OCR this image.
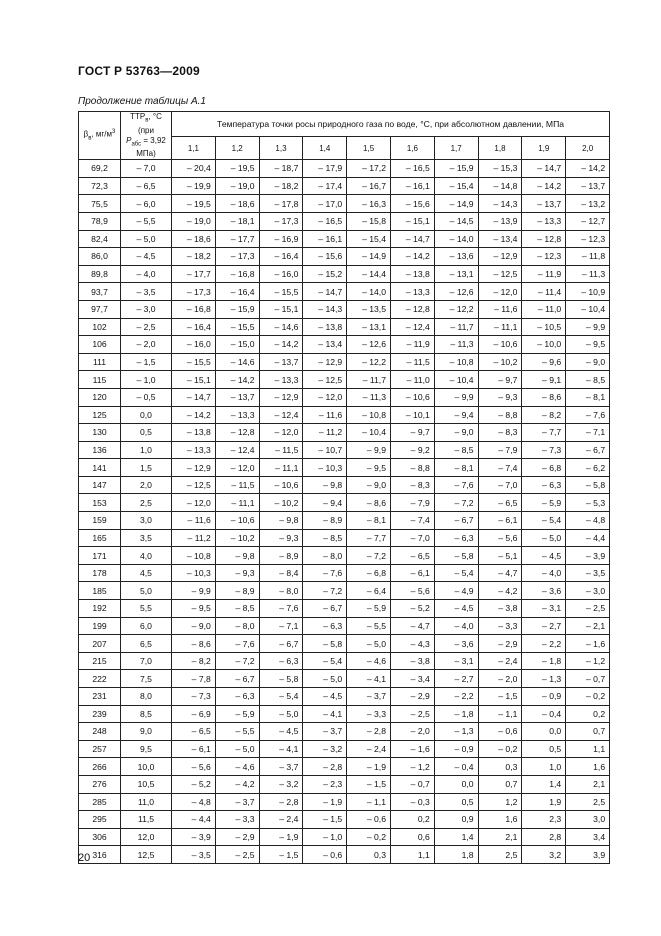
ГОСТ Р 53763—2009
Продолжение таблицы А.1
$\beta_в$, $мг/м^3$	$ТТР_в$, °С
(при
$P_{абс} = 3,92$ МПа)	Температура точки росы природного газа по воде, °С, при абсолютном давлении, МПа									
		1,1	1,2	1,3	1,4	1,5	1,6	1,7	1,8	1,9	2,0
69,2	– 7,0	– 20,4	– 19,5	– 18,7	– 17,9	– 17,2	– 16,5	– 15,9	– 15,3	– 14,7	– 14,2
72,3	– 6,5	– 19,9	– 19,0	– 18,2	– 17,4	– 16,7	– 16,1	– 15,4	– 14,8	– 14,2	– 13,7
75,5	– 6,0	– 19,5	– 18,6	– 17,8	– 17,0	– 16,3	– 15,6	– 14,9	– 14,3	– 13,7	– 13,2
78,9	– 5,5	– 19,0	– 18,1	– 17,3	– 16,5	– 15,8	– 15,1	– 14,5	– 13,9	– 13,3	– 12,7
82,4	– 5,0	– 18,6	– 17,7	– 16,9	– 16,1	– 15,4	– 14,7	– 14,0	– 13,4	– 12,8	– 12,3
86,0	– 4,5	– 18,2	– 17,3	– 16,4	– 15,6	– 14,9	– 14,2	– 13,6	– 12,9	– 12,3	– 11,8
89,8	– 4,0	– 17,7	– 16,8	– 16,0	– 15,2	– 14,4	– 13,8	– 13,1	– 12,5	– 11,9	– 11,3
93,7	– 3,5	– 17,3	– 16,4	– 15,5	– 14,7	– 14,0	– 13,3	– 12,6	– 12,0	– 11,4	– 10,9
97,7	– 3,0	– 16,8	– 15,9	– 15,1	– 14,3	– 13,5	– 12,8	– 12,2	– 11,6	– 11,0	– 10,4
102	– 2,5	– 16,4	– 15,5	– 14,6	– 13,8	– 13,1	– 12,4	– 11,7	– 11,1	– 10,5	– 9,9
106	– 2,0	– 16,0	– 15,0	– 14,2	– 13,4	– 12,6	– 11,9	– 11,3	– 10,6	– 10,0	– 9,5
111	– 1,5	– 15,5	– 14,6	– 13,7	– 12,9	– 12,2	– 11,5	– 10,8	– 10,2	– 9,6	– 9,0
115	– 1,0	– 15,1	– 14,2	– 13,3	– 12,5	– 11,7	– 11,0	– 10,4	– 9,7	– 9,1	– 8,5
120	– 0,5	– 14,7	– 13,7	– 12,9	– 12,0	– 11,3	– 10,6	– 9,9	– 9,3	– 8,6	– 8,1
125	0,0	– 14,2	– 13,3	– 12,4	– 11,6	– 10,8	– 10,1	– 9,4	– 8,8	– 8,2	– 7,6
130	0,5	– 13,8	– 12,8	– 12,0	– 11,2	– 10,4	– 9,7	– 9,0	– 8,3	– 7,7	– 7,1
136	1,0	– 13,3	– 12,4	– 11,5	– 10,7	– 9,9	– 9,2	– 8,5	– 7,9	– 7,3	– 6,7
141	1,5	– 12,9	– 12,0	– 11,1	– 10,3	– 9,5	– 8,8	– 8,1	– 7,4	– 6,8	– 6,2
147	2,0	– 12,5	– 11,5	– 10,6	– 9,8	– 9,0	– 8,3	– 7,6	– 7,0	– 6,3	– 5,8
153	2,5	– 12,0	– 11,1	– 10,2	– 9,4	– 8,6	– 7,9	– 7,2	– 6,5	– 5,9	– 5,3
159	3,0	– 11,6	– 10,6	– 9,8	– 8,9	– 8,1	– 7,4	– 6,7	– 6,1	– 5,4	– 4,8
165	3,5	– 11,2	– 10,2	– 9,3	– 8,5	– 7,7	– 7,0	– 6,3	– 5,6	– 5,0	– 4,4
171	4,0	– 10,8	– 9,8	– 8,9	– 8,0	– 7,2	– 6,5	– 5,8	– 5,1	– 4,5	– 3,9
178	4,5	– 10,3	– 9,3	– 8,4	– 7,6	– 6,8	– 6,1	– 5,4	– 4,7	– 4,0	– 3,5
185	5,0	– 9,9	– 8,9	– 8,0	– 7,2	– 6,4	– 5,6	– 4,9	– 4,2	– 3,6	– 3,0
192	5,5	– 9,5	– 8,5	– 7,6	– 6,7	– 5,9	– 5,2	– 4,5	– 3,8	– 3,1	– 2,5
199	6,0	– 9,0	– 8,0	– 7,1	– 6,3	– 5,5	– 4,7	– 4,0	– 3,3	– 2,7	– 2,1
207	6,5	– 8,6	– 7,6	– 6,7	– 5,8	– 5,0	– 4,3	– 3,6	– 2,9	– 2,2	– 1,6
215	7,0	– 8,2	– 7,2	– 6,3	– 5,4	– 4,6	– 3,8	– 3,1	– 2,4	– 1,8	– 1,2
222	7,5	– 7,8	– 6,7	– 5,8	– 5,0	– 4,1	– 3,4	– 2,7	– 2,0	– 1,3	– 0,7
231	8,0	– 7,3	– 6,3	– 5,4	– 4,5	– 3,7	– 2,9	– 2,2	– 1,5	– 0,9	– 0,2
239	8,5	– 6,9	– 5,9	– 5,0	– 4,1	– 3,3	– 2,5	– 1,8	– 1,1	– 0,4	0,2
248	9,0	– 6,5	– 5,5	– 4,5	– 3,7	– 2,8	– 2,0	– 1,3	– 0,6	0,0	0,7
257	9,5	– 6,1	– 5,0	– 4,1	– 3,2	– 2,4	– 1,6	– 0,9	– 0,2	0,5	1,1
266	10,0	– 5,6	– 4,6	– 3,7	– 2,8	– 1,9	– 1,2	– 0,4	0,3	1,0	1,6
276	10,5	– 5,2	– 4,2	– 3,2	– 2,3	– 1,5	– 0,7	0,0	0,7	1,4	2,1
285	11,0	– 4,8	– 3,7	– 2,8	– 1,9	– 1,1	– 0,3	0,5	1,2	1,9	2,5
295	11,5	– 4,4	– 3,3	– 2,4	– 1,5	– 0,6	0,2	0,9	1,6	2,3	3,0
306	12,0	– 3,9	– 2,9	– 1,9	– 1,0	– 0,2	0,6	1,4	2,1	2,8	3,4
316	12,5	– 3,5	– 2,5	– 1,5	– 0,6	0,3	1,1	1,8	2,5	3,2	3,9
20
